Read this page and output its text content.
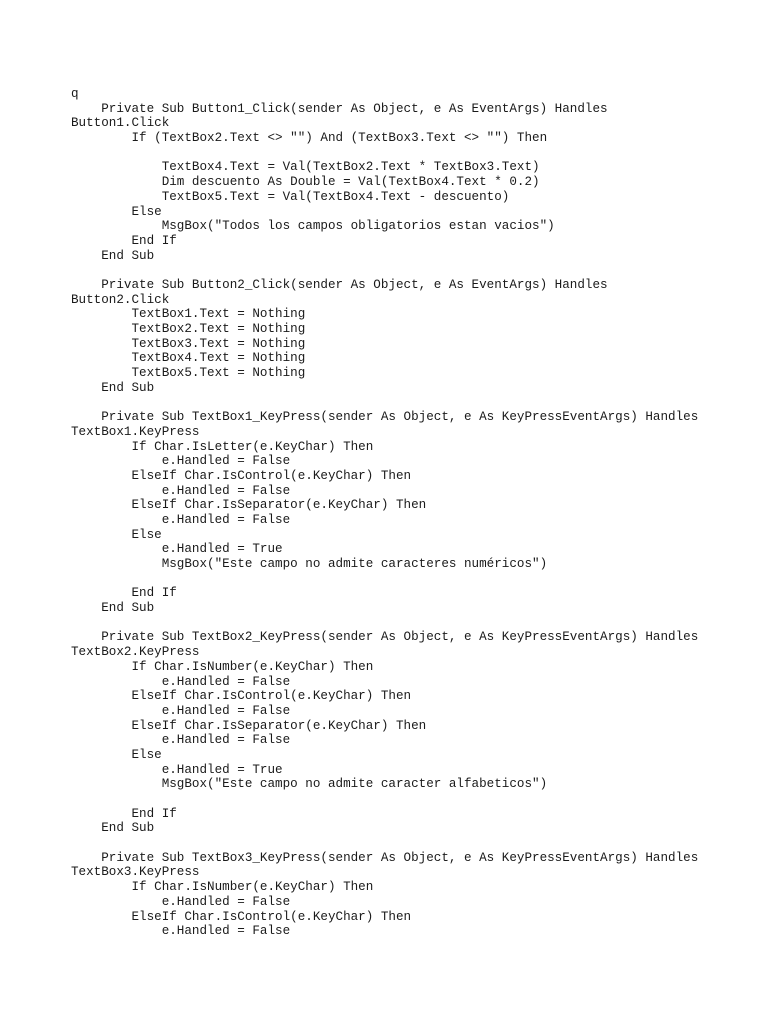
q
Private Sub Button1_Click(sender As Object, e As EventArgs) Handles
Button1.Click
If (TextBox2.Text <> "") And (TextBox3.Text <> "") Then
TextBox4.Text = Val(TextBox2.Text * TextBox3.Text)
Dim descuento As Double = Val(TextBox4.Text * 0.2)
TextBox5.Text = Val(TextBox4.Text - descuento)
Else
MsgBox("Todos los campos obligatorios estan vacios")
End If
End Sub
Private Sub Button2_Click(sender As Object, e As EventArgs) Handles
Button2.Click
TextBox1.Text = Nothing
TextBox2.Text = Nothing
TextBox3.Text = Nothing
TextBox4.Text = Nothing
TextBox5.Text = Nothing
End Sub
Private Sub TextBox1_KeyPress(sender As Object, e As KeyPressEventArgs) Handles
TextBox1.KeyPress
If Char.IsLetter(e.KeyChar) Then
e.Handled = False
ElseIf Char.IsControl(e.KeyChar) Then
e.Handled = False
ElseIf Char.IsSeparator(e.KeyChar) Then
e.Handled = False
Else
e.Handled = True
MsgBox("Este campo no admite caracteres numéricos")
End If
End Sub
Private Sub TextBox2_KeyPress(sender As Object, e As KeyPressEventArgs) Handles
TextBox2.KeyPress
If Char.IsNumber(e.KeyChar) Then
e.Handled = False
ElseIf Char.IsControl(e.KeyChar) Then
e.Handled = False
ElseIf Char.IsSeparator(e.KeyChar) Then
e.Handled = False
Else
e.Handled = True
MsgBox("Este campo no admite caracter alfabeticos")
End If
End Sub
Private Sub TextBox3_KeyPress(sender As Object, e As KeyPressEventArgs) Handles
TextBox3.KeyPress
If Char.IsNumber(e.KeyChar) Then
e.Handled = False
ElseIf Char.IsControl(e.KeyChar) Then
e.Handled = False
